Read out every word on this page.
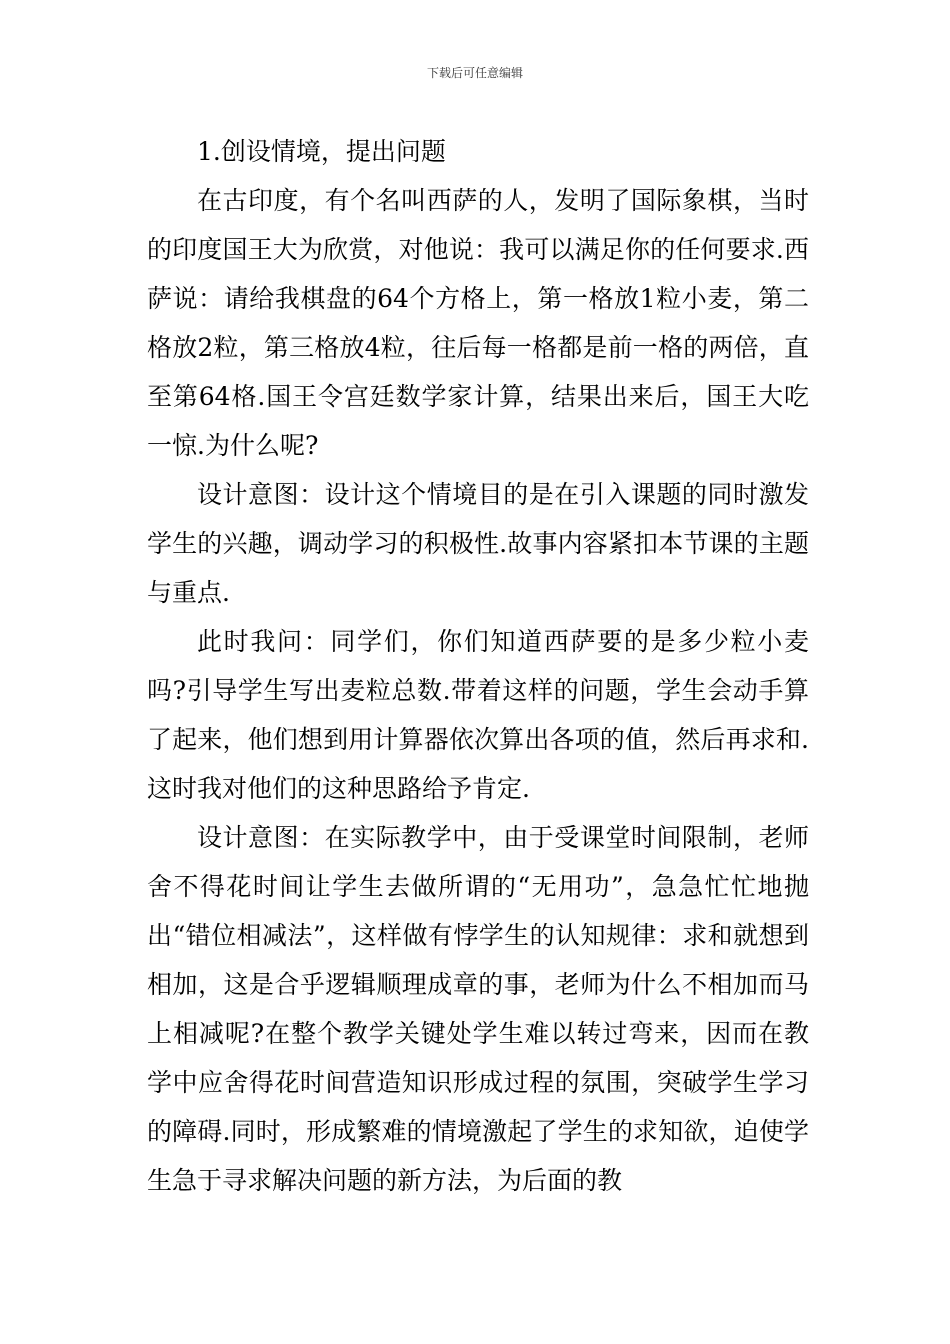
下载后可任意编辑

1.创设情境，提出问题

在古印度，有个名叫西萨的人，发明了国际象棋，当时的印度国王大为欣赏，对他说：我可以满足你的任何要求.西萨说：请给我棋盘的64个方格上，第一格放1粒小麦，第二格放2粒，第三格放4粒，往后每一格都是前一格的两倍，直至第64格.国王令宫廷数学家计算，结果出来后，国王大吃一惊.为什么呢?

设计意图：设计这个情境目的是在引入课题的同时激发学生的兴趣，调动学习的积极性.故事内容紧扣本节课的主题与重点.

此时我问：同学们，你们知道西萨要的是多少粒小麦吗?引导学生写出麦粒总数.带着这样的问题，学生会动手算了起来，他们想到用计算器依次算出各项的值，然后再求和.这时我对他们的这种思路给予肯定.

设计意图：在实际教学中，由于受课堂时间限制，老师舍不得花时间让学生去做所谓的“无用功”，急急忙忙地抛出“错位相减法”，这样做有悖学生的认知规律：求和就想到相加，这是合乎逻辑顺理成章的事，老师为什么不相加而马上相减呢?在整个教学关键处学生难以转过弯来，因而在教学中应舍得花时间营造知识形成过程的氛围，突破学生学习的障碍.同时，形成繁难的情境激起了学生的求知欲，迫使学生急于寻求解决问题的新方法，为后面的教
